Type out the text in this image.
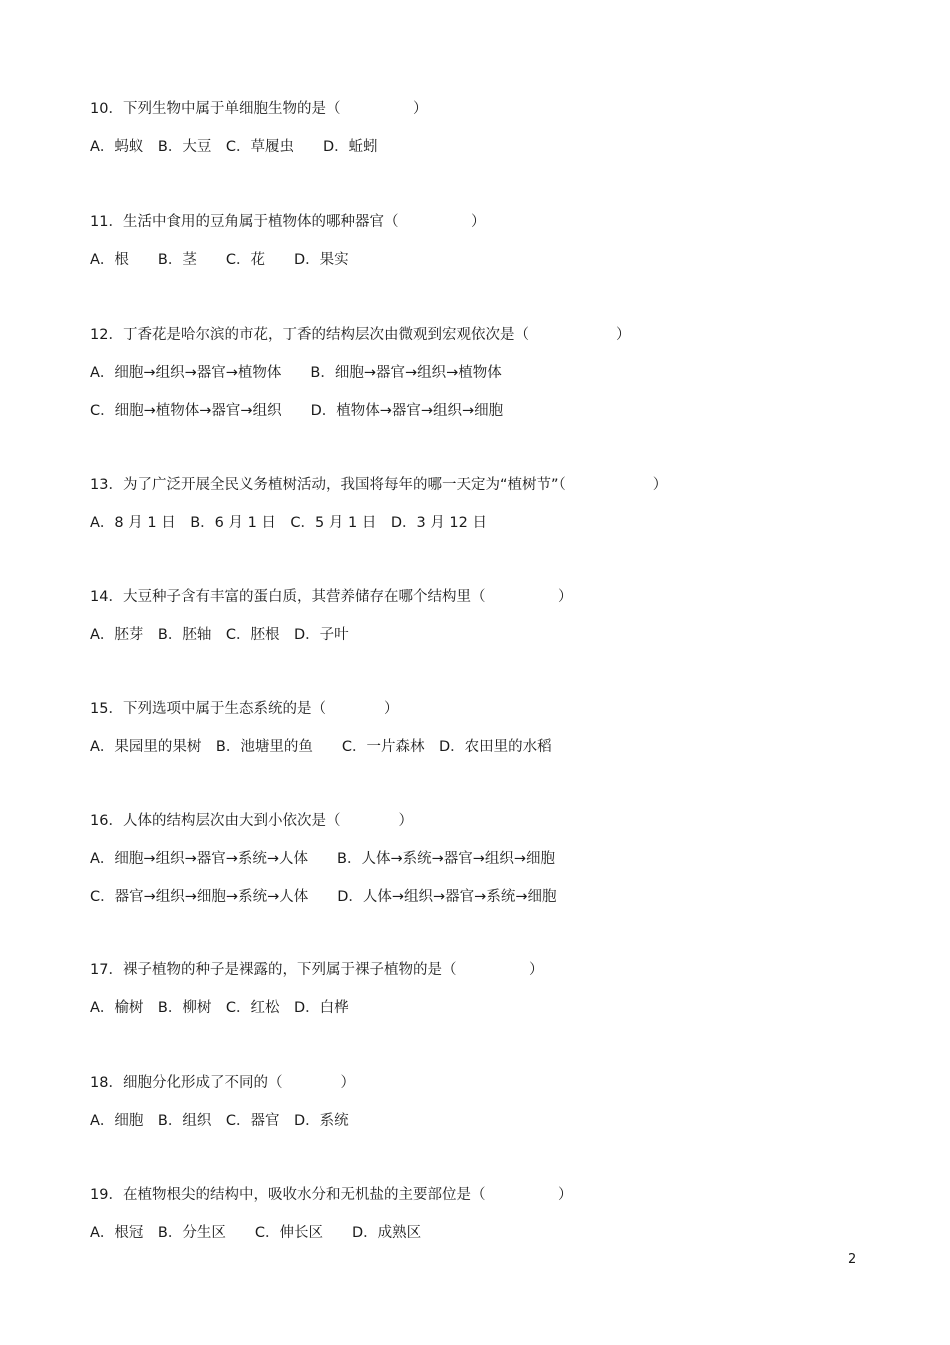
10．下列生物中属于单细胞生物的是（　　　　　）
A．蚂蚁　B．大豆　C．草履虫　　D．蚯蚓
11．生活中食用的豆角属于植物体的哪种器官（　　　　　）
A．根　　B．茎　　C．花　　D．果实
12．丁香花是哈尔滨的市花，丁香的结构层次由微观到宏观依次是（　　　　　　）
A．细胞→组织→器官→植物体　　B．细胞→器官→组织→植物体
C．细胞→植物体→器官→组织　　D．植物体→器官→组织→细胞
13．为了广泛开展全民义务植树活动，我国将每年的哪一天定为“植树节”（　　　　　　）
A．8 月 1 日　B．6 月 1 日　C．5 月 1 日　D．3 月 12 日
14．大豆种子含有丰富的蛋白质，其营养储存在哪个结构里（　　　　　）
A．胚芽　B．胚轴　C．胚根　D．子叶
15．下列选项中属于生态系统的是（　　　　）
A．果园里的果树　B．池塘里的鱼　　C．一片森林　D．农田里的水稻
16．人体的结构层次由大到小依次是（　　　　）
A．细胞→组织→器官→系统→人体　　B．人体→系统→器官→组织→细胞
C．器官→组织→细胞→系统→人体　　D．人体→组织→器官→系统→细胞
17．裸子植物的种子是裸露的，下列属于裸子植物的是（　　　　　）
A．榆树　B．柳树　C．红松　D．白桦
18．细胞分化形成了不同的（　　　　）
A．细胞　B．组织　C．器官　D．系统
19．在植物根尖的结构中，吸收水分和无机盐的主要部位是（　　　　　）
A．根冠　B．分生区　　C．伸长区　　D．成熟区
2
